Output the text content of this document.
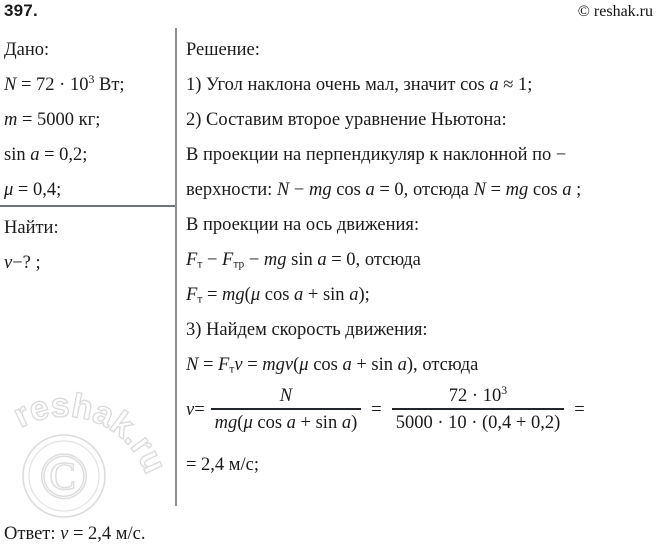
397.	© reshak.ru
Дано:
$N = 72 \cdot 10^3$ Вт;
m = 5000 кг;
sin a = 0,2;
μ = 0,4;
Найти:
v−? ;
Решение:
1) Угол наклона очень мал, значит cos a ≈ 1;
2) Составим второе уравнение Ньютона:
В проекции на перпендикуляр к наклонной по −
верхности: N − mg cos a = 0, отсюда N = mg cos a ;
В проекции на ось движения:
$F_т - F_{тр}$ − mg sin a = 0, отсюда
$F_т = mg(\mu$ cos a + sin a);
3) Найдем скорость движения:
$N = F_тv = mgv(\mu$ cos a + sin a), отсюда
$v = \frac{N}{\text{mg(μ cos a + sin a)}} = \frac{72 \cdot 10^3}{5000 \cdot 10 \cdot (0,4 + 0,2)}$ =
= 2,4 м/с;
Ответ: v = 2,4 м/с.
©
reshak.ru
